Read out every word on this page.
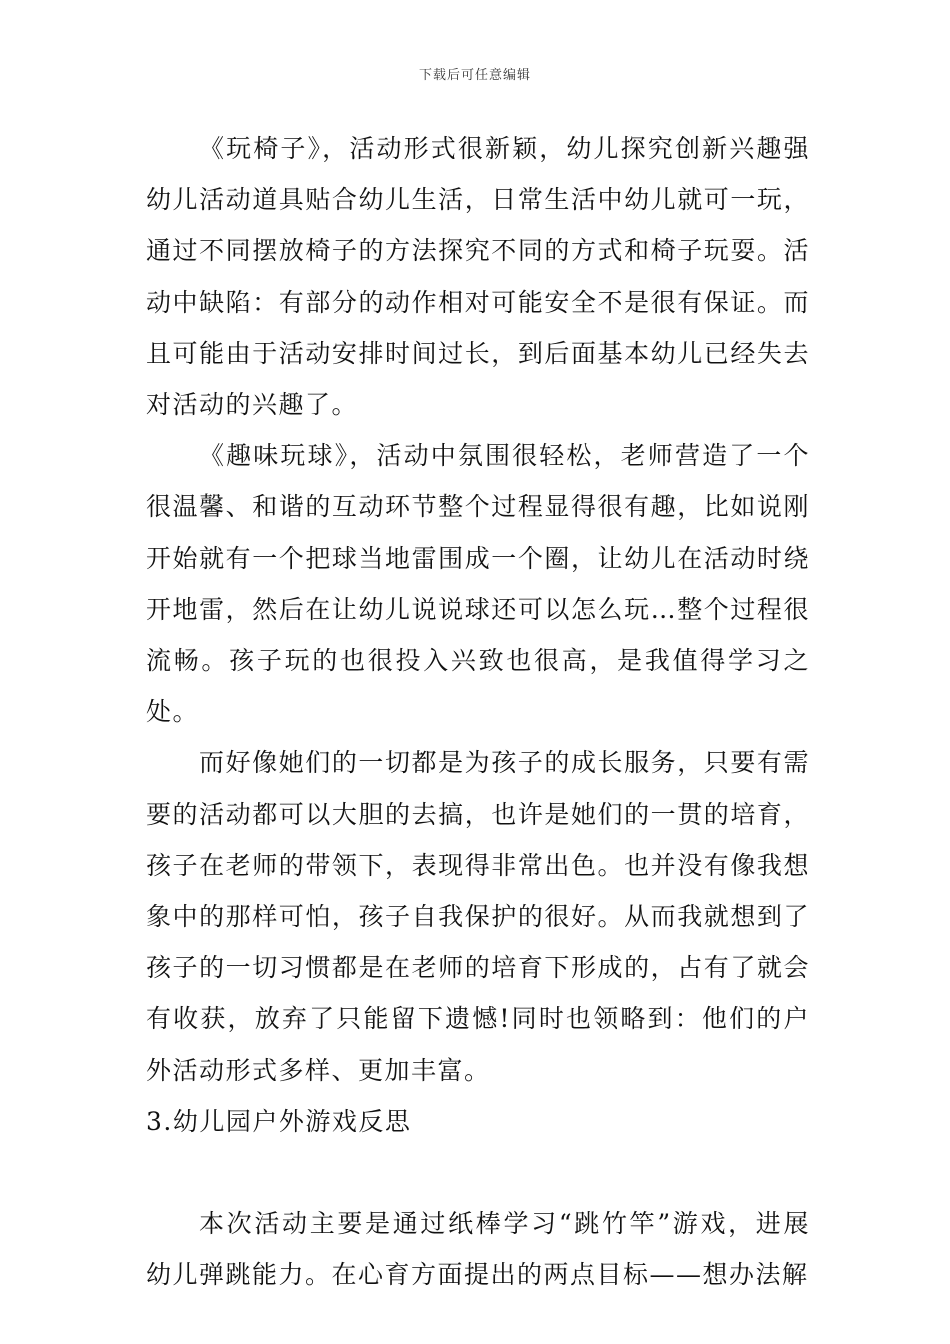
下载后可任意编辑

《玩椅子》，活动形式很新颖，幼儿探究创新兴趣强幼儿活动道具贴合幼儿生活，日常生活中幼儿就可一玩，通过不同摆放椅子的方法探究不同的方式和椅子玩耍。活动中缺陷：有部分的动作相对可能安全不是很有保证。而且可能由于活动安排时间过长，到后面基本幼儿已经失去对活动的兴趣了。

《趣味玩球》，活动中氛围很轻松，老师营造了一个很温馨、和谐的互动环节整个过程显得很有趣，比如说刚开始就有一个把球当地雷围成一个圈，让幼儿在活动时绕开地雷，然后在让幼儿说说球还可以怎么玩…整个过程很流畅。孩子玩的也很投入兴致也很高，是我值得学习之处。

而好像她们的一切都是为孩子的成长服务，只要有需要的活动都可以大胆的去搞，也许是她们的一贯的培育，孩子在老师的带领下，表现得非常出色。也并没有像我想象中的那样可怕，孩子自我保护的很好。从而我就想到了孩子的一切习惯都是在老师的培育下形成的，占有了就会有收获，放弃了只能留下遗憾!同时也领略到：他们的户外活动形式多样、更加丰富。

3.幼儿园户外游戏反思

本次活动主要是通过纸棒学习“跳竹竿”游戏，进展幼儿弹跳能力。在心育方面提出的两点目标——想办法解
